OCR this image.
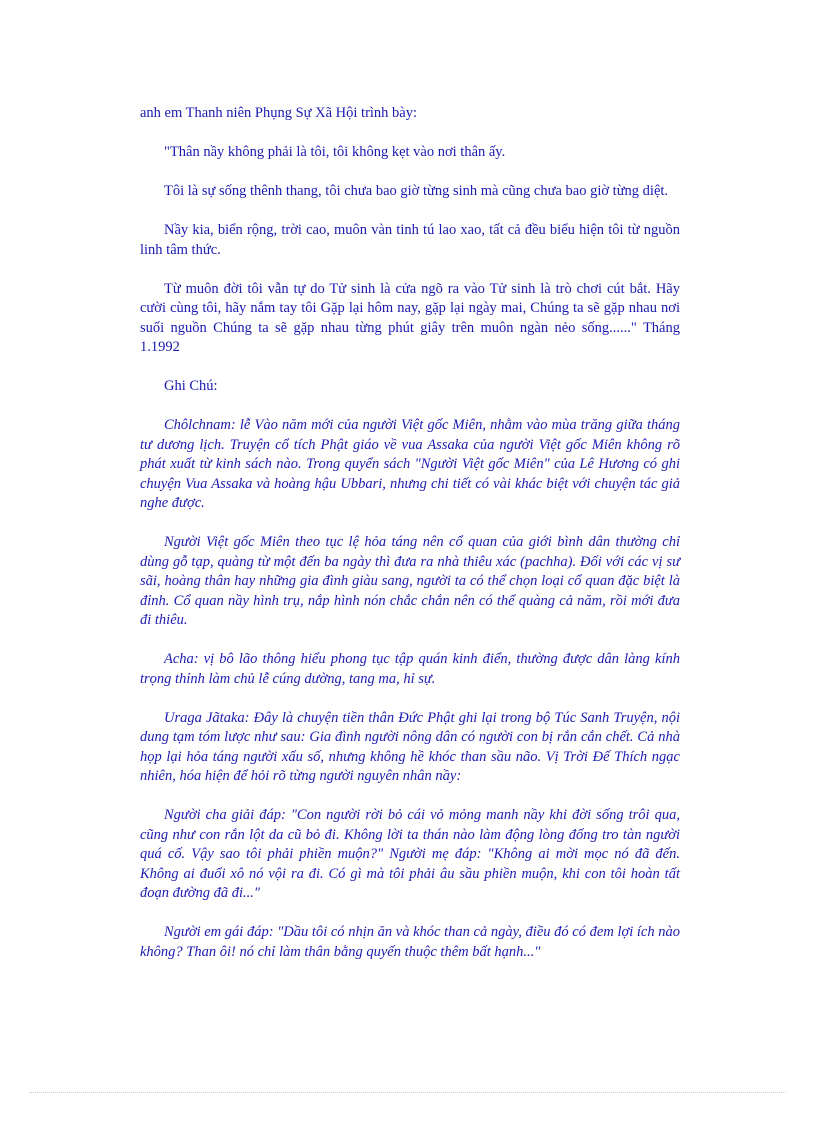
anh em Thanh niên Phụng Sự Xã Hội trình bày:

"Thân nầy không phải là tôi, tôi không kẹt vào nơi thân ấy.

Tôi là sự sống thênh thang, tôi chưa bao giờ từng sinh mà cũng chưa bao giờ từng diệt.

Nầy kia, biển rộng, trời cao, muôn vàn tinh tú lao xao, tất cả đều biểu hiện tôi từ nguồn linh tâm thức.

Từ muôn đời tôi vẫn tự do Tử sinh là cửa ngõ ra vào Tử sinh là trò chơi cút bắt. Hãy cười cùng tôi, hãy nắm tay tôi Gặp lại hôm nay, gặp lại ngày mai, Chúng ta sẽ gặp nhau nơi suối nguồn Chúng ta sẽ gặp nhau từng phút giây trên muôn ngàn nẻo sống......" Tháng 1.1992

Ghi Chú:

Chôlchnam: lễ Vào năm mới của người Việt gốc Miên, nhằm vào mùa trăng giữa tháng tư dương lịch. Truyện cổ tích Phật giáo về vua Assaka của người Việt gốc Miên không rõ phát xuất từ kinh sách nào. Trong quyển sách "Người Việt gốc Miên" của Lê Hương có ghi chuyện Vua Assaka và hoàng hậu Ubbari, nhưng chi tiết có vài khác biệt với chuyện tác giả nghe được.

Người Việt gốc Miên theo tục lệ hỏa táng nên cổ quan của giới bình dân thường chỉ dùng gỗ tạp, quàng từ một đến ba ngày thì đưa ra nhà thiêu xác (pachha). Đối với các vị sư sãi, hoàng thân hay những gia đình giàu sang, người ta có thể chọn loại cổ quan đặc biệt là đỉnh. Cổ quan nầy hình trụ, nắp hình nón chắc chắn nên có thể quàng cả năm, rồi mới đưa đi thiêu.

Acha: vị bô lão thông hiểu phong tục tập quán kinh điển, thường được dân làng kính trọng thỉnh làm chủ lễ cúng dường, tang ma, hỉ sự.

Uraga Jãtaka: Đây là chuyện tiền thân Đức Phật ghi lại trong bộ Túc Sanh Truyện, nội dung tạm tóm lược như sau: Gia đình người nông dân có người con bị rắn cắn chết. Cả nhà họp lại hỏa táng người xấu số, nhưng không hề khóc than sầu não. Vị Trời Đế Thích ngạc nhiên, hóa hiện để hỏi rõ từng người nguyên nhân nầy:

Người cha giải đáp: "Con người rời bỏ cái vỏ mỏng manh nầy khi đời sống trôi qua, cũng như con rắn lột da cũ bỏ đi. Không lời ta thán nào làm động lòng đống tro tàn người quá cố. Vậy sao tôi phải phiền muộn?" Người mẹ đáp: "Không ai mời mọc nó đã đến. Không ai đuổi xô nó vội ra đi. Có gì mà tôi phải âu sầu phiền muộn, khi con tôi hoàn tất đoạn đường đã đi..."

Người em gái đáp: "Dầu tôi có nhịn ăn và khóc than cả ngày, điều đó có đem lợi ích nào không? Than ôi! nó chỉ làm thân bằng quyến thuộc thêm bất hạnh..."
